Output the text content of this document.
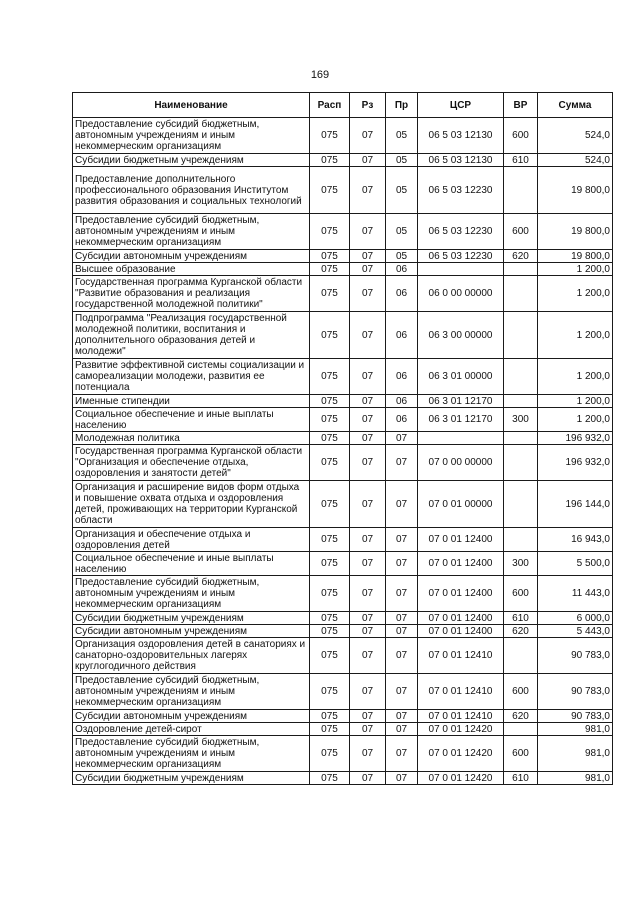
169
Наименование	Расп	Рз	Пр	ЦСР	ВР	Сумма
Предоставление субсидий бюджетным, автономным учреждениям и иным некоммерческим организациям	075	07	05	06 5 03 12130	600	524,0
Субсидии бюджетным учреждениям	075	07	05	06 5 03 12130	610	524,0
Предоставление дополнительного профессионального образования Институтом развития образования и социальных технологий	075	07	05	06 5 03 12230		19 800,0
Предоставление субсидий бюджетным, автономным учреждениям и иным некоммерческим организациям	075	07	05	06 5 03 12230	600	19 800,0
Субсидии автономным учреждениям	075	07	05	06 5 03 12230	620	19 800,0
Высшее образование	075	07	06			1 200,0
Государственная программа Курганской области "Развитие образования и реализация государственной молодежной политики"	075	07	06	06 0 00 00000		1 200,0
Подпрограмма "Реализация государственной молодежной политики, воспитания и дополнительного образования детей и молодежи"	075	07	06	06 3 00 00000		1 200,0
Развитие эффективной системы социализации и самореализации молодежи, развития ее потенциала	075	07	06	06 3 01 00000		1 200,0
Именные стипендии	075	07	06	06 3 01 12170		1 200,0
Социальное обеспечение и иные выплаты населению	075	07	06	06 3 01 12170	300	1 200,0
Молодежная политика	075	07	07			196 932,0
Государственная программа Курганской области "Организация и обеспечение отдыха, оздоровления и занятости детей"	075	07	07	07 0 00 00000		196 932,0
Организация и расширение видов форм отдыха и повышение охвата отдыха и оздоровления детей, проживающих на территории Курганской области	075	07	07	07 0 01 00000		196 144,0
Организация и обеспечение отдыха и оздоровления детей	075	07	07	07 0 01 12400		16 943,0
Социальное обеспечение и иные выплаты населению	075	07	07	07 0 01 12400	300	5 500,0
Предоставление субсидий бюджетным, автономным учреждениям и иным некоммерческим организациям	075	07	07	07 0 01 12400	600	11 443,0
Субсидии бюджетным учреждениям	075	07	07	07 0 01 12400	610	6 000,0
Субсидии автономным учреждениям	075	07	07	07 0 01 12400	620	5 443,0
Организация оздоровления детей в санаториях и санаторно-оздоровительных лагерях круглогодичного действия	075	07	07	07 0 01 12410		90 783,0
Предоставление субсидий бюджетным, автономным учреждениям и иным некоммерческим организациям	075	07	07	07 0 01 12410	600	90 783,0
Субсидии автономным учреждениям	075	07	07	07 0 01 12410	620	90 783,0
Оздоровление детей-сирот	075	07	07	07 0 01 12420		981,0
Предоставление субсидий бюджетным, автономным учреждениям и иным некоммерческим организациям	075	07	07	07 0 01 12420	600	981,0
Субсидии бюджетным учреждениям	075	07	07	07 0 01 12420	610	981,0
